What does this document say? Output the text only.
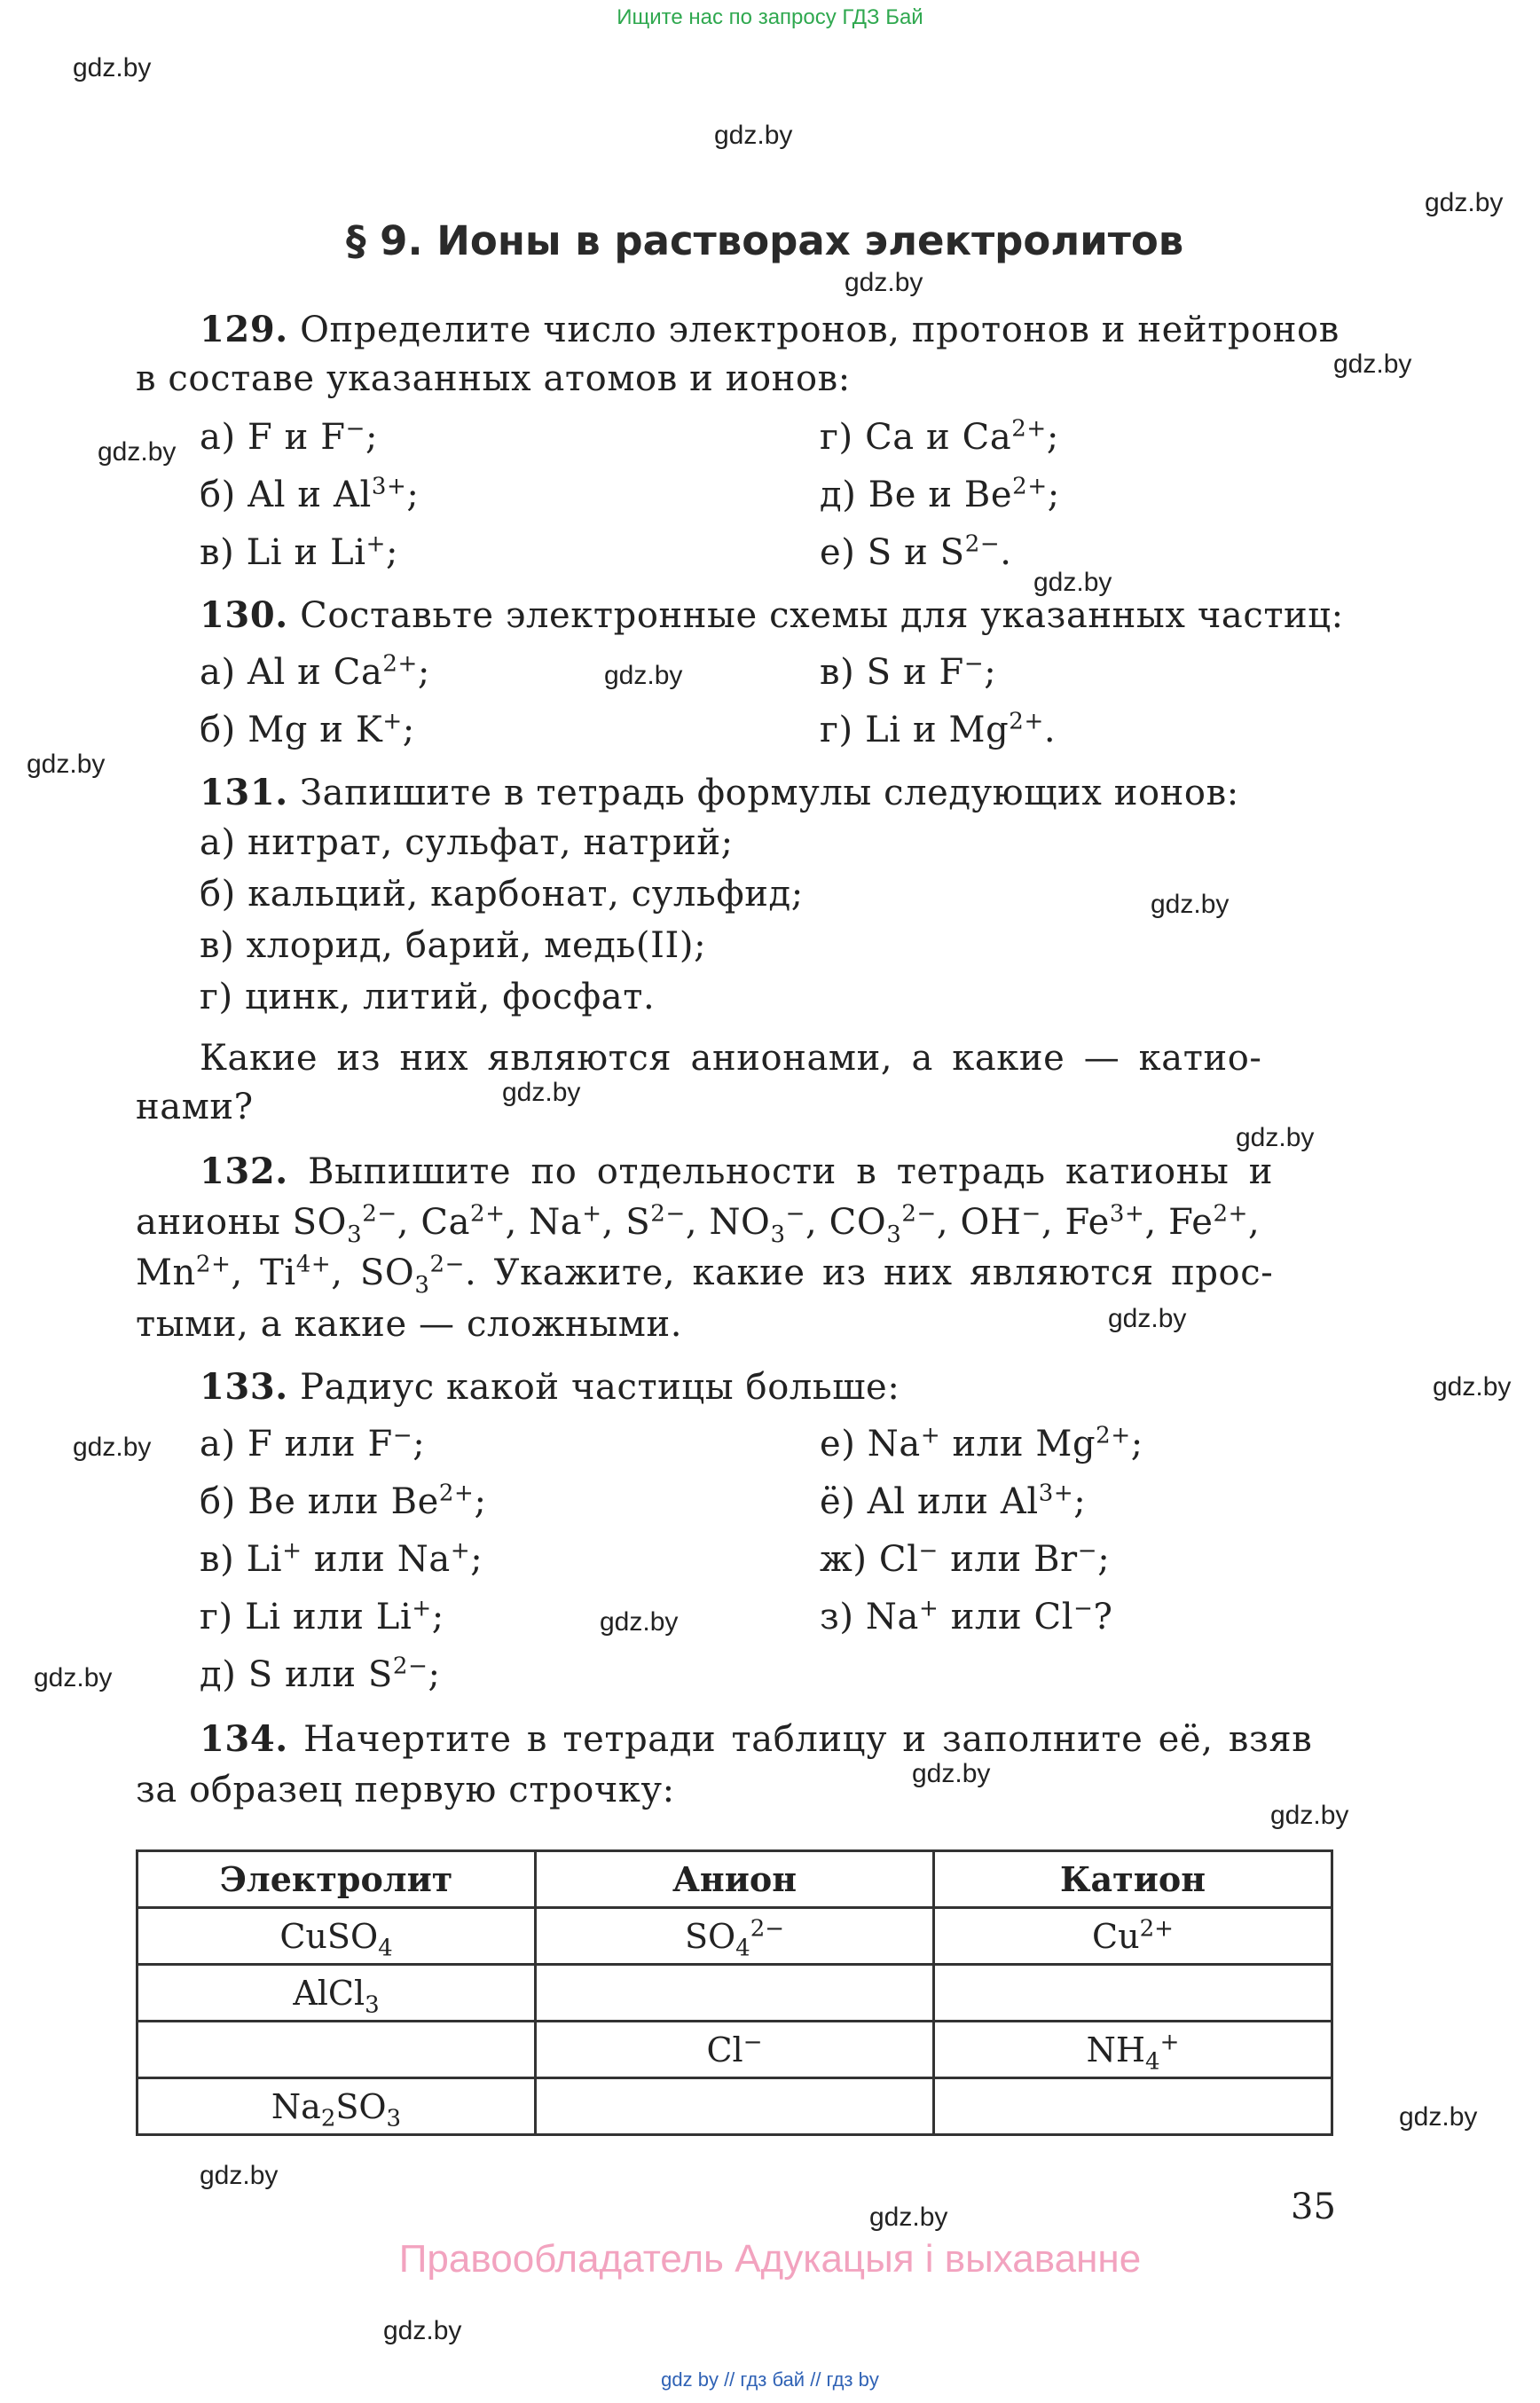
Ищите нас по запросу ГДЗ Бай
gdz.by
gdz.by
gdz.by
gdz.by
gdz.by
gdz.by
gdz.by
gdz.by
gdz.by
gdz.by
gdz.by
gdz.by
gdz.by
gdz.by
gdz.by
gdz.by
gdz.by
gdz.by
gdz.by
gdz.by
gdz.by
gdz.by
gdz.by
§ 9. Ионы в растворах электролитов
129. Определите число электронов, протонов и нейтронов
в составе указанных атомов и ионов:
а) F и F−;
б) Al и $Al^{3+}$;
в) Li и Li+;
г) Ca и $Ca^{2+}$;
д) Be и $Be^{2+}$;
е) S и $S^{2-}$.
130. Составьте электронные схемы для указанных частиц:
а) Al и $Ca^{2+}$;
б) Mg и K+;
в) S и F−;
г) Li и $Mg^{2+}$.
131. Запишите в тетрадь формулы следующих ионов:
а) нитрат, сульфат, натрий;
б) кальций, карбонат, сульфид;
в) хлорид, барий, медь(II);
г) цинк, литий, фосфат.
Какие из них являются анионами, а какие — катио-
нами?
132. Выпишите по отдельности в тетрадь катионы и
анионы $SO_3^{2-}$, $Ca^{2+}$, Na+, $S^{2-}$, $NO_3^-$, $CO_3^{2-}$, OH−, $Fe^{3+}$, $Fe^{2+}$,
$Mn^{2+}$, $Ti^{4+}$, $SO_3^{2-}$. Укажите, какие из них являются прос-
тыми, а какие — сложными.
133. Радиус какой частицы больше:
а) F или F−;
б) Be или $Be^{2+}$;
в) Li+ или Na+;
г) Li или Li+;
д) S или $S^{2-}$;
е) Na+ или $Mg^{2+}$;
ё) Al или $Al^{3+}$;
ж) Cl− или Br−;
з) Na+ или Cl−?
134. Начертите в тетради таблицу и заполните её, взяв
за образец первую строчку:
Электролит	Анион	Катион
CuSO$_4$	$SO_4^{2-}$	$Cu^{2+}$
AlCl$_3$		
	Cl−	$NH_4^+$
$Na_2SO_3$		
35
Правообладатель Адукацыя і выхаванне
gdz by // гдз бай // гдз by
